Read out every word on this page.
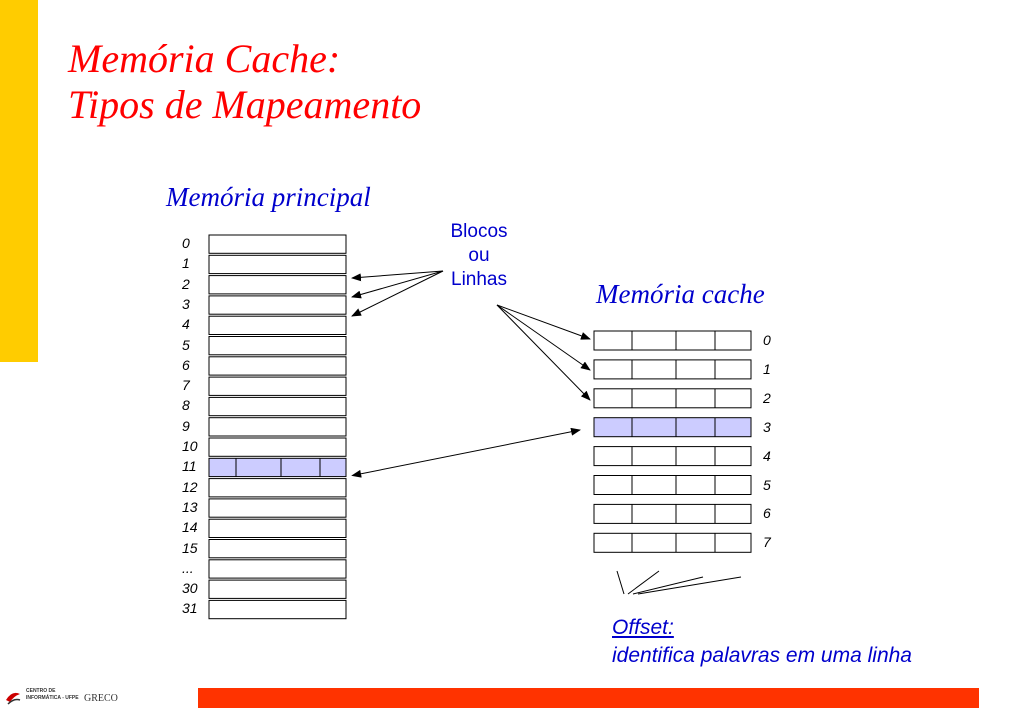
Memória Cache:
Tipos de Mapeamento
Memória principal
Memória cache
Blocos
ou
Linhas
0
1
2
3
4
5
6
7
8
9
10
11
12
13
14
15
...
30
31
0
1
2
3
4
5
6
7
Offset:
identifica palavras em uma linha
CENTRO DE
INFORMÁTICA - UFPE GRECO
